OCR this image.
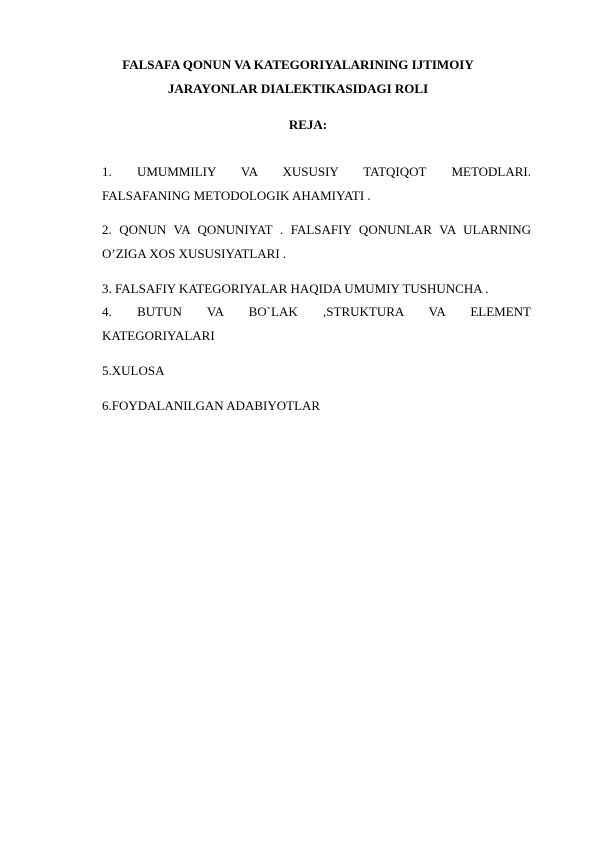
FALSAFA QONUN VA KATEGORIYALARINING IJTIMOIY
JARAYONLAR DIALEKTIKASIDAGI ROLI
REJA:
1. UMUMMILIY VA XUSUSIY TATQIQOT METODLARI.
FALSAFANING METODOLOGIK AHAMIYATI .
2. QONUN VA QONUNIYAT . FALSAFIY QONUNLAR VA ULARNING
O’ZIGA XOS XUSUSIYATLARI .
3. FALSAFIY KATEGORIYALAR HAQIDA UMUMIY TUSHUNCHA .
4. BUTUN VA BO`LAK ,STRUKTURA VA ELEMENT
KATEGORIYALARI
5.XULOSA
6.FOYDALANILGAN ADABIYOTLAR
